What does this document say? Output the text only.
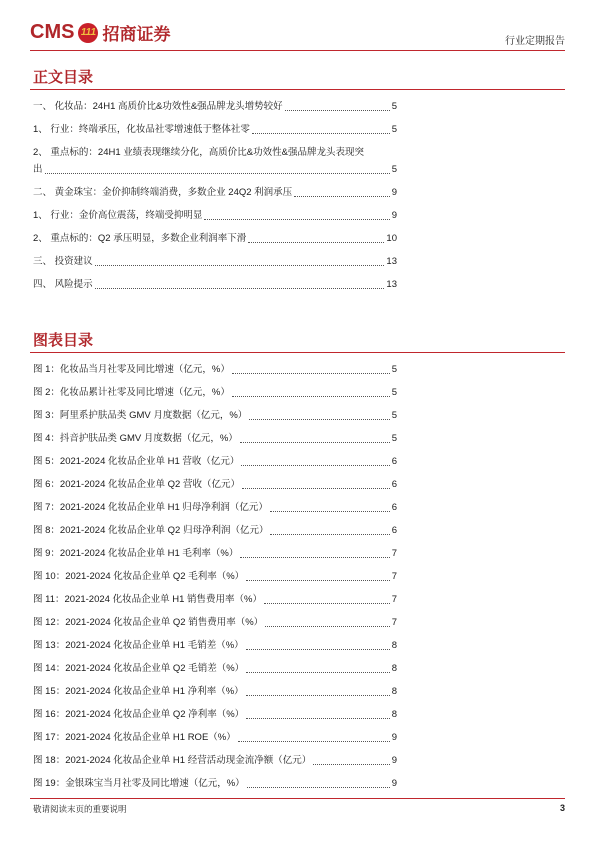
CMS 111 招商证券	行业定期报告
正文目录
一、 化妆品：24H1 高质价比&功效性&强品牌龙头增势较好	5
1、 行业：终端承压，化妆品社零增速低于整体社零	5
2、 重点标的：24H1 业绩表现继续分化，高质价比&功效性&强品牌龙头表现突
出	5
二、 黄金珠宝：金价抑制终端消费，多数企业 24Q2 利润承压	9
1、 行业：金价高位震荡，终端受抑明显	9
2、 重点标的：Q2 承压明显，多数企业利润率下滑	10
三、 投资建议	13
四、 风险提示	13
图表目录
图 1：化妆品当月社零及同比增速（亿元，%）	5
图 2：化妆品累计社零及同比增速（亿元，%）	5
图 3：阿里系护肤品类 GMV 月度数据（亿元，%）	5
图 4：抖音护肤品类 GMV 月度数据（亿元，%）	5
图 5：2021-2024 化妆品企业单 H1 营收（亿元）	6
图 6：2021-2024 化妆品企业单 Q2 营收（亿元）	6
图 7：2021-2024 化妆品企业单 H1 归母净利润（亿元）	6
图 8：2021-2024 化妆品企业单 Q2 归母净利润（亿元）	6
图 9：2021-2024 化妆品企业单 H1 毛利率（%）	7
图 10：2021-2024 化妆品企业单 Q2 毛利率（%）	7
图 11：2021-2024 化妆品企业单 H1 销售费用率（%）	7
图 12：2021-2024 化妆品企业单 Q2 销售费用率（%）	7
图 13：2021-2024 化妆品企业单 H1 毛销差（%）	8
图 14：2021-2024 化妆品企业单 Q2 毛销差（%）	8
图 15：2021-2024 化妆品企业单 H1 净利率（%）	8
图 16：2021-2024 化妆品企业单 Q2 净利率（%）	8
图 17：2021-2024 化妆品企业单 H1 ROE（%）	9
图 18：2021-2024 化妆品企业单 H1 经营活动现金流净额（亿元）	9
图 19：金银珠宝当月社零及同比增速（亿元，%）	9
敬请阅读末页的重要说明	3
